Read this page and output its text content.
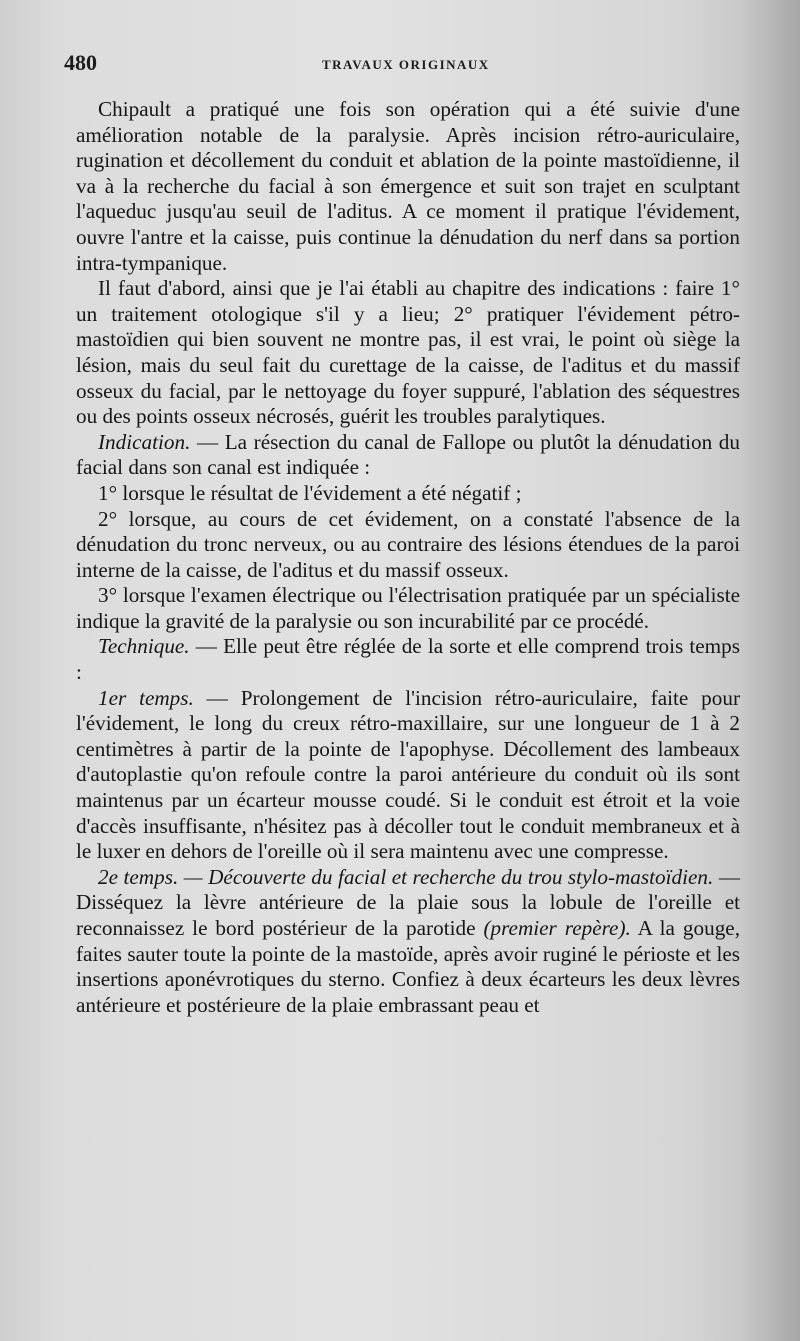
480	TRAVAUX ORIGINAUX

Chipault a pratiqué une fois son opération qui a été suivie d'une amélioration notable de la paralysie. Après incision rétro-auriculaire, rugination et décollement du conduit et ablation de la pointe mastoïdienne, il va à la recherche du facial à son émergence et suit son trajet en sculptant l'aqueduc jusqu'au seuil de l'aditus. A ce moment il pratique l'évidement, ouvre l'antre et la caisse, puis continue la dénudation du nerf dans sa portion intra-tympanique.

Il faut d'abord, ainsi que je l'ai établi au chapitre des indications : faire 1° un traitement otologique s'il y a lieu; 2° pratiquer l'évidement pétro-mastoïdien qui bien souvent ne montre pas, il est vrai, le point où siège la lésion, mais du seul fait du curettage de la caisse, de l'aditus et du massif osseux du facial, par le nettoyage du foyer suppuré, l'ablation des séquestres ou des points osseux nécrosés, guérit les troubles paralytiques.

Indication. — La résection du canal de Fallope ou plutôt la dénudation du facial dans son canal est indiquée :

1° lorsque le résultat de l'évidement a été négatif ;

2° lorsque, au cours de cet évidement, on a constaté l'absence de la dénudation du tronc nerveux, ou au contraire des lésions étendues de la paroi interne de la caisse, de l'aditus et du massif osseux.

3° lorsque l'examen électrique ou l'électrisation pratiquée par un spécialiste indique la gravité de la paralysie ou son incurabilité par ce procédé.

Technique. — Elle peut être réglée de la sorte et elle comprend trois temps :

1er temps. — Prolongement de l'incision rétro-auriculaire, faite pour l'évidement, le long du creux rétro-maxillaire, sur une longueur de 1 à 2 centimètres à partir de la pointe de l'apophyse. Décollement des lambeaux d'autoplastie qu'on refoule contre la paroi antérieure du conduit où ils sont maintenus par un écarteur mousse coudé. Si le conduit est étroit et la voie d'accès insuffisante, n'hésitez pas à décoller tout le conduit membraneux et à le luxer en dehors de l'oreille où il sera maintenu avec une compresse.

2e temps. — Découverte du facial et recherche du trou stylo-mastoïdien. — Disséquez la lèvre antérieure de la plaie sous la lobule de l'oreille et reconnaissez le bord postérieur de la parotide (premier repère). A la gouge, faites sauter toute la pointe de la mastoïde, après avoir ruginé le périoste et les insertions aponévrotiques du sterno. Confiez à deux écarteurs les deux lèvres antérieure et postérieure de la plaie embrassant peau et
